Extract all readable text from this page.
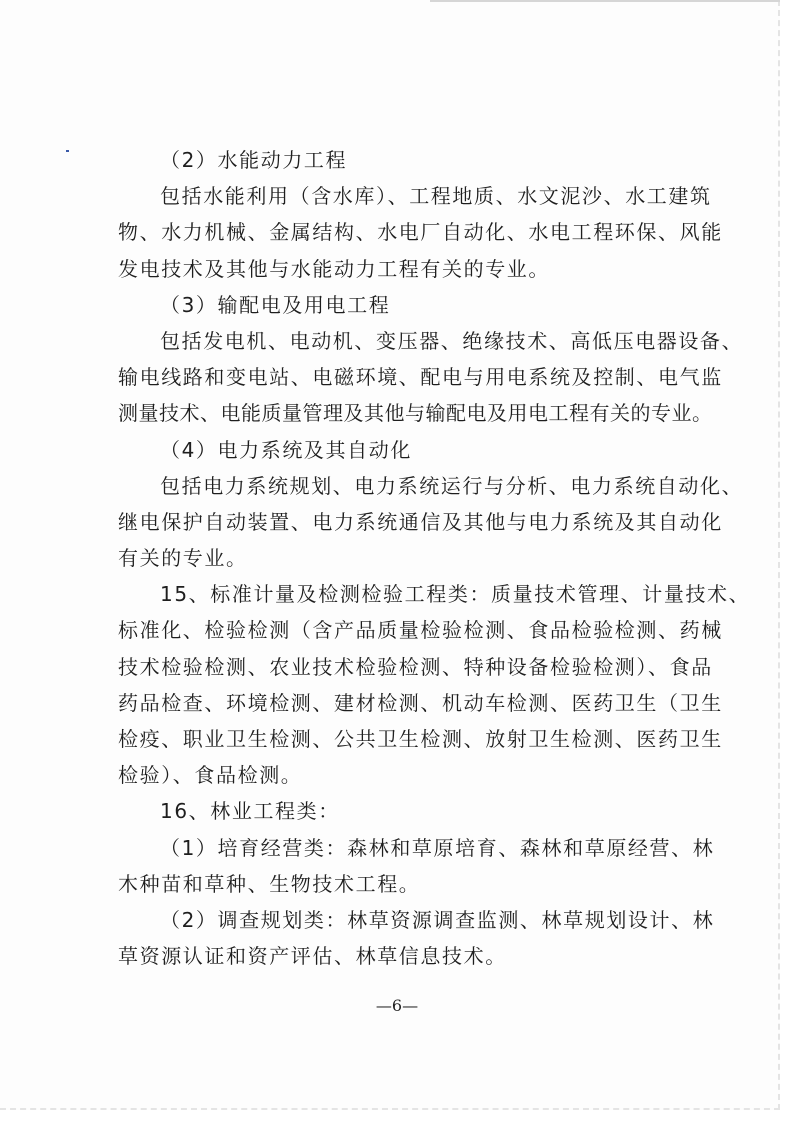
（2）水能动力工程
包括水能利用（含水库）、工程地质、水文泥沙、水工建筑
物、水力机械、金属结构、水电厂自动化、水电工程环保、风能
发电技术及其他与水能动力工程有关的专业。
（3）输配电及用电工程
包括发电机、电动机、变压器、绝缘技术、高低压电器设备、
输电线路和变电站、电磁环境、配电与用电系统及控制、电气监
测量技术、电能质量管理及其他与输配电及用电工程有关的专业。
（4）电力系统及其自动化
包括电力系统规划、电力系统运行与分析、电力系统自动化、
继电保护自动装置、电力系统通信及其他与电力系统及其自动化
有关的专业。
15、标准计量及检测检验工程类：质量技术管理、计量技术、
标准化、检验检测（含产品质量检验检测、食品检验检测、药械
技术检验检测、农业技术检验检测、特种设备检验检测）、食品
药品检查、环境检测、建材检测、机动车检测、医药卫生（卫生
检疫、职业卫生检测、公共卫生检测、放射卫生检测、医药卫生
检验）、食品检测。
16、林业工程类：
（1）培育经营类：森林和草原培育、森林和草原经营、林
木种苗和草种、生物技术工程。
（2）调查规划类：林草资源调查监测、林草规划设计、林
草资源认证和资产评估、林草信息技术。
—6—
